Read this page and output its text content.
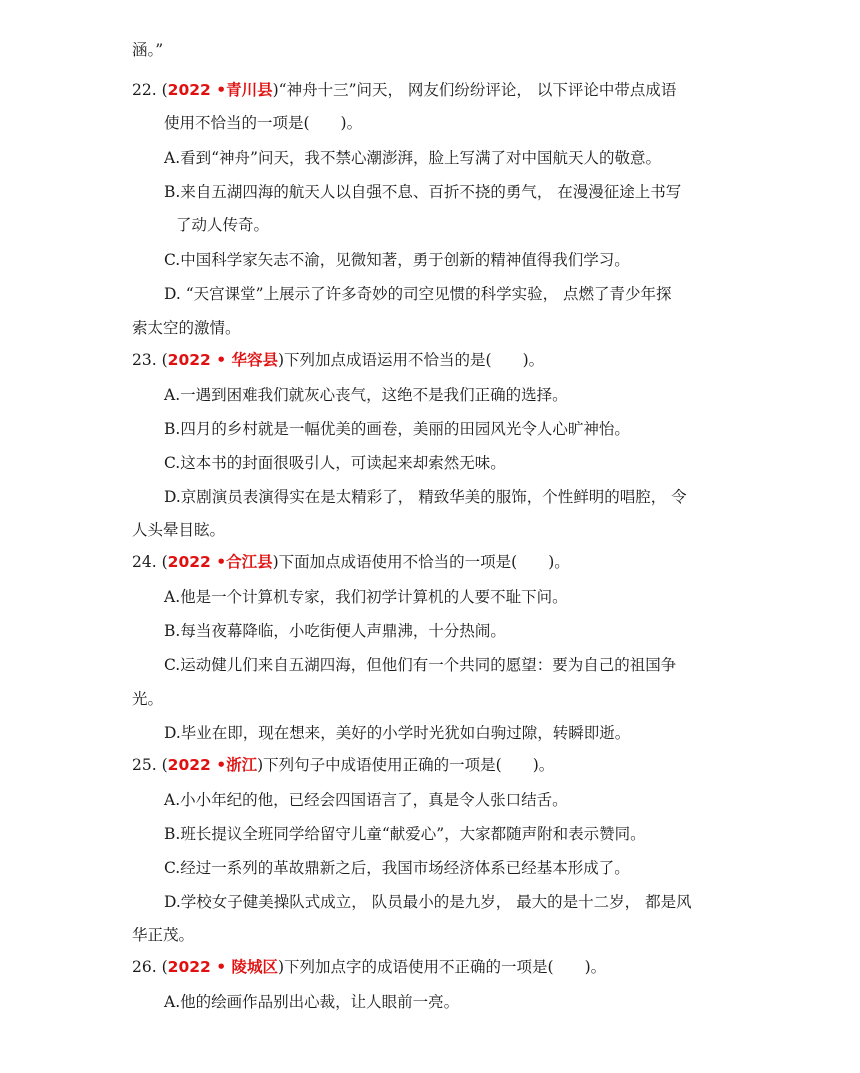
涵。”
22. (2022 •青川县)“神舟十三”问天， 网友们纷纷评论， 以下评论中带点成语
使用不恰当的一项是(　　)。
A.看到“神舟”问天，我不禁心潮澎湃，脸上写满了对中国航天人的敬意。
B.来自五湖四海的航天人以自强不息、百折不挠的勇气， 在漫漫征途上书写
了动人传奇。
C.中国科学家矢志不渝，见微知著，勇于创新的精神值得我们学习。
D. “天宫课堂”上展示了许多奇妙的司空见惯的科学实验， 点燃了青少年探
索太空的激情。
23. (2022 • 华容县)下列加点成语运用不恰当的是(　　)。
A.一遇到困难我们就灰心丧气，这绝不是我们正确的选择。
B.四月的乡村就是一幅优美的画卷，美丽的田园风光令人心旷神怡。
C.这本书的封面很吸引人，可读起来却索然无味。
D.京剧演员表演得实在是太精彩了， 精致华美的服饰，个性鲜明的唱腔， 令
人头晕目眩。
24. (2022 •合江县)下面加点成语使用不恰当的一项是(　　)。
A.他是一个计算机专家，我们初学计算机的人要不耻下问。
B.每当夜幕降临，小吃街便人声鼎沸，十分热闹。
C.运动健儿们来自五湖四海，但他们有一个共同的愿望：要为自己的祖国争
光。
D.毕业在即，现在想来，美好的小学时光犹如白驹过隙，转瞬即逝。
25. (2022 •浙江)下列句子中成语使用正确的一项是(　　)。
A.小小年纪的他，已经会四国语言了，真是令人张口结舌。
B.班长提议全班同学给留守儿童“献爱心”，大家都随声附和表示赞同。
C.经过一系列的革故鼎新之后，我国市场经济体系已经基本形成了。
D.学校女子健美操队式成立， 队员最小的是九岁， 最大的是十二岁， 都是风
华正茂。
26. (2022 • 陵城区)下列加点字的成语使用不正确的一项是(　　)。
A.他的绘画作品别出心裁，让人眼前一亮。
